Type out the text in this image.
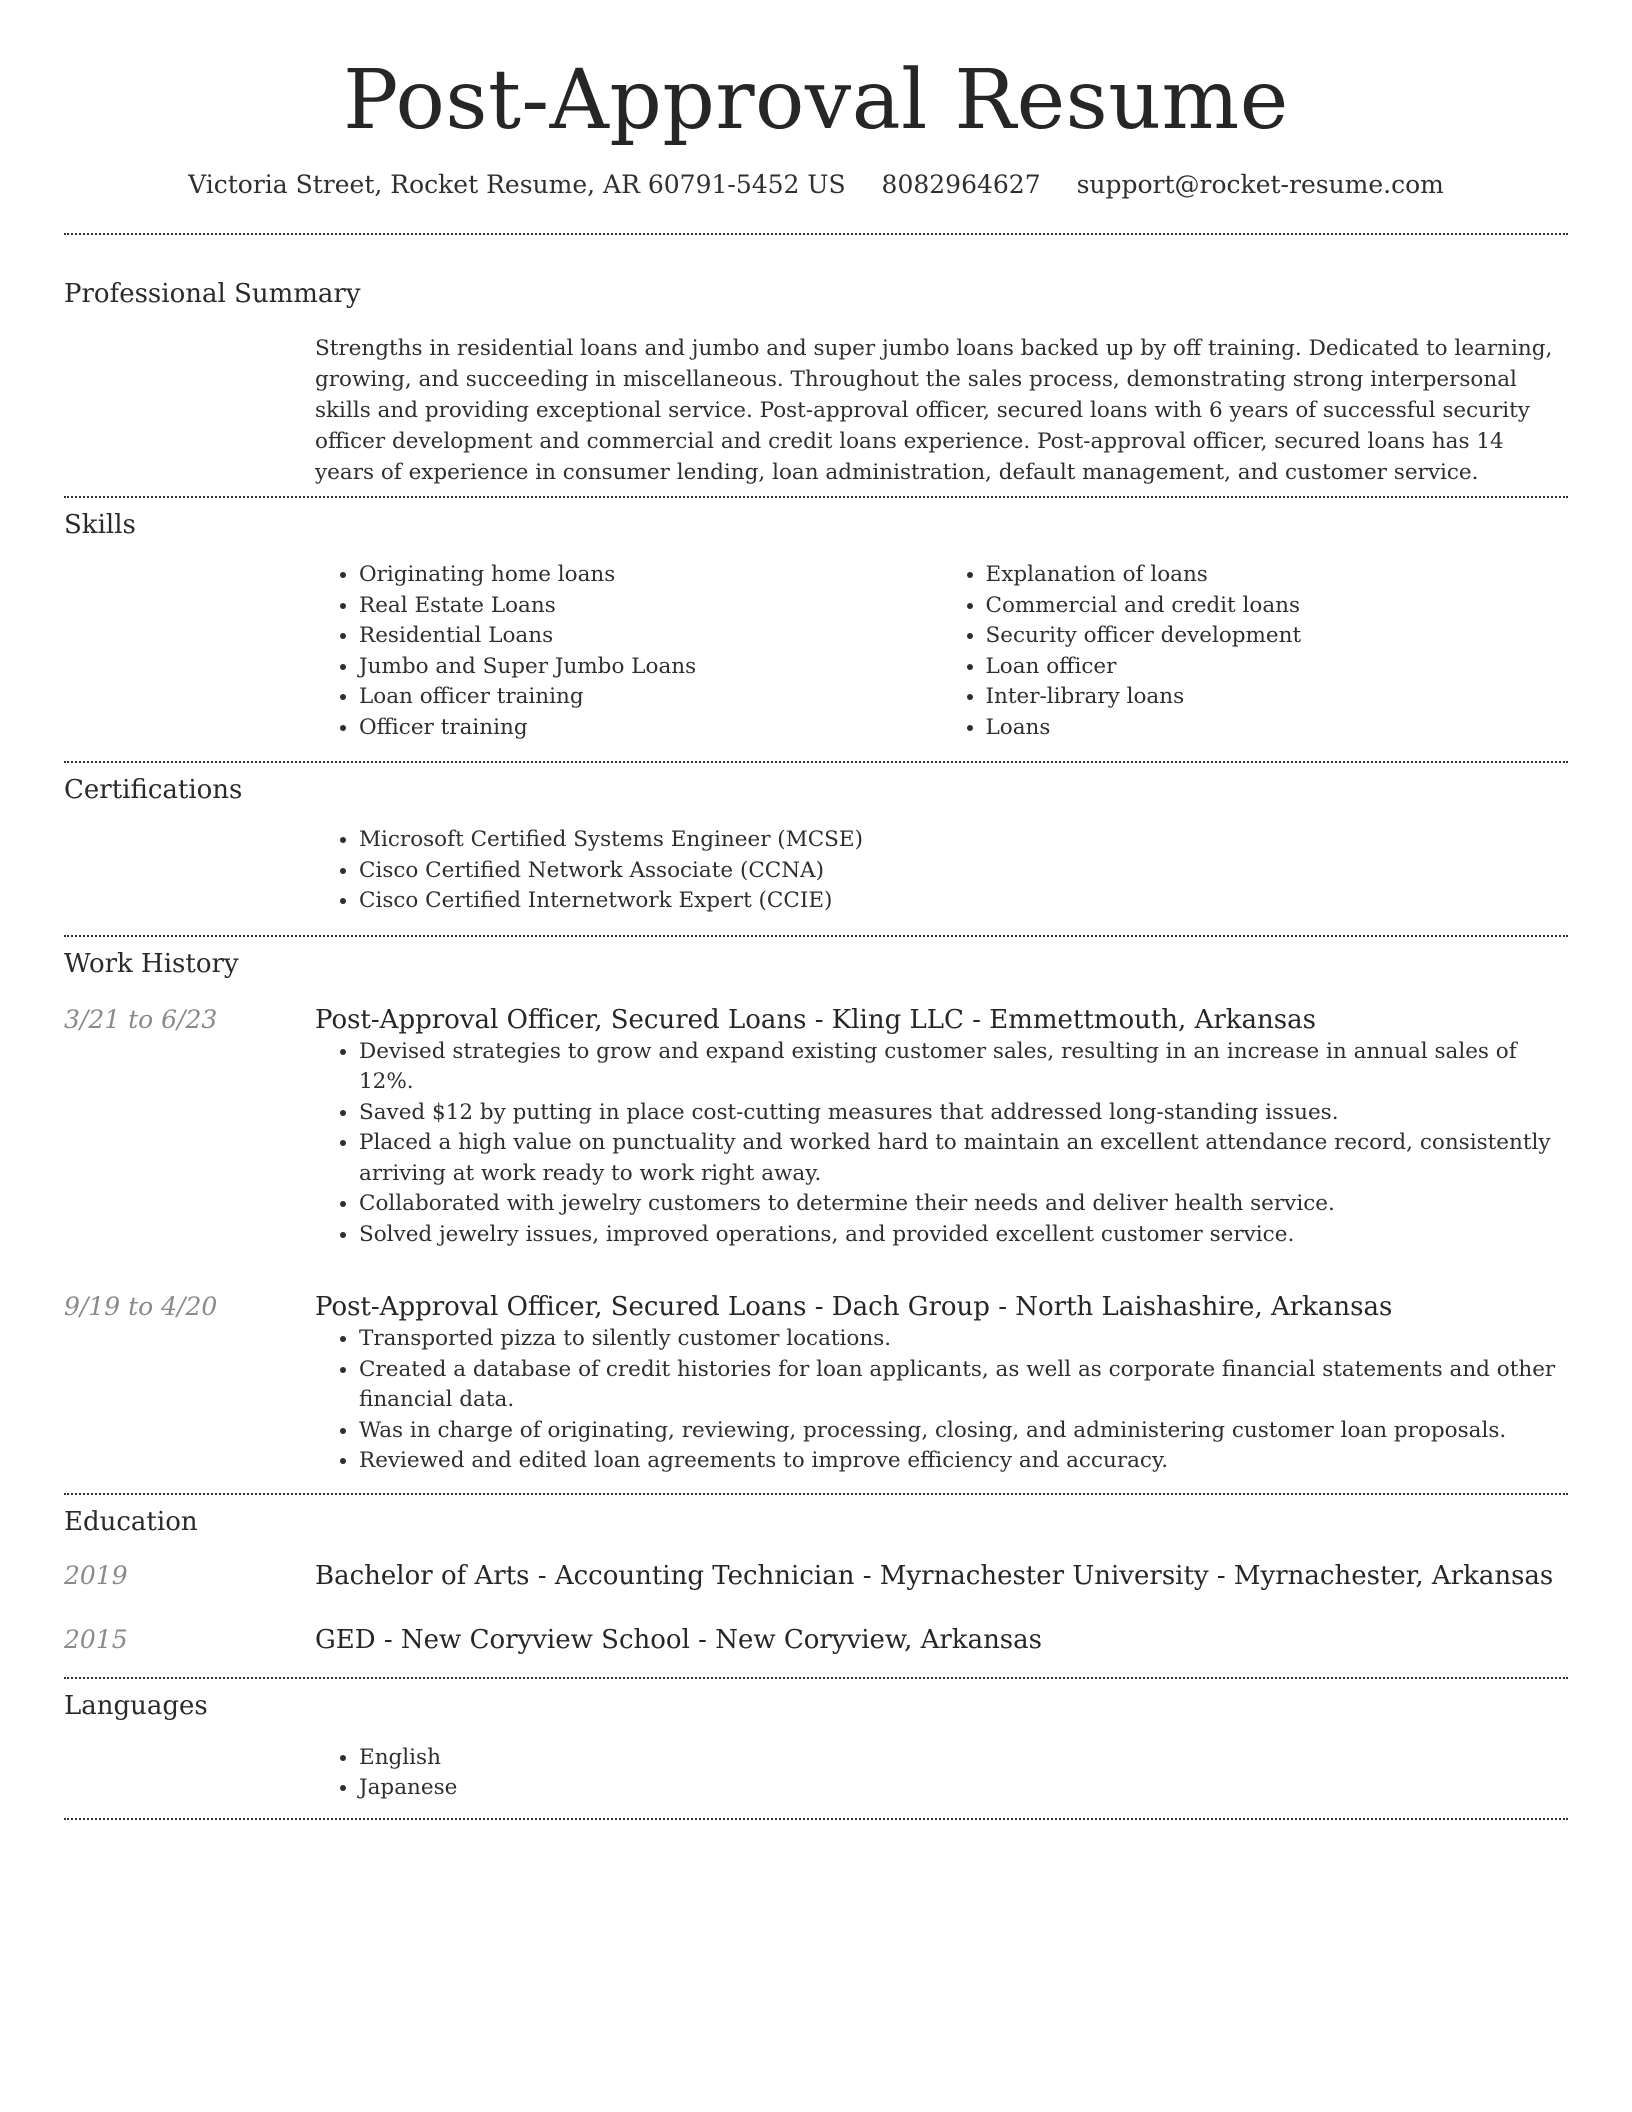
Post-Approval Resume
Victoria Street, Rocket Resume, AR 60791-5452 US 8082964627 support@rocket-resume.com
Professional Summary
Strengths in residential loans and jumbo and super jumbo loans backed up by off training. Dedicated to learning, growing, and succeeding in miscellaneous. Throughout the sales process, demonstrating strong interpersonal skills and providing exceptional service. Post-approval officer, secured loans with 6 years of successful security officer development and commercial and credit loans experience. Post-approval officer, secured loans has 14 years of experience in consumer lending, loan administration, default management, and customer service.
Skills
• Originating home loans
• Real Estate Loans
• Residential Loans
• Jumbo and Super Jumbo Loans
• Loan officer training
• Officer training
• Explanation of loans
• Commercial and credit loans
• Security officer development
• Loan officer
• Inter-library loans
• Loans
Certifications
• Microsoft Certified Systems Engineer (MCSE)
• Cisco Certified Network Associate (CCNA)
• Cisco Certified Internetwork Expert (CCIE)
Work History
3/21 to 6/23	Post-Approval Officer, Secured Loans - Kling LLC - Emmettmouth, Arkansas
• Devised strategies to grow and expand existing customer sales, resulting in an increase in annual sales of 12%.
• Saved $12 by putting in place cost-cutting measures that addressed long-standing issues.
• Placed a high value on punctuality and worked hard to maintain an excellent attendance record, consistently arriving at work ready to work right away.
• Collaborated with jewelry customers to determine their needs and deliver health service.
• Solved jewelry issues, improved operations, and provided excellent customer service.
9/19 to 4/20	Post-Approval Officer, Secured Loans - Dach Group - North Laishashire, Arkansas
• Transported pizza to silently customer locations.
• Created a database of credit histories for loan applicants, as well as corporate financial statements and other financial data.
• Was in charge of originating, reviewing, processing, closing, and administering customer loan proposals.
• Reviewed and edited loan agreements to improve efficiency and accuracy.
Education
2019	Bachelor of Arts - Accounting Technician - Myrnachester University - Myrnachester, Arkansas
2015	GED - New Coryview School - New Coryview, Arkansas
Languages
• English
• Japanese
